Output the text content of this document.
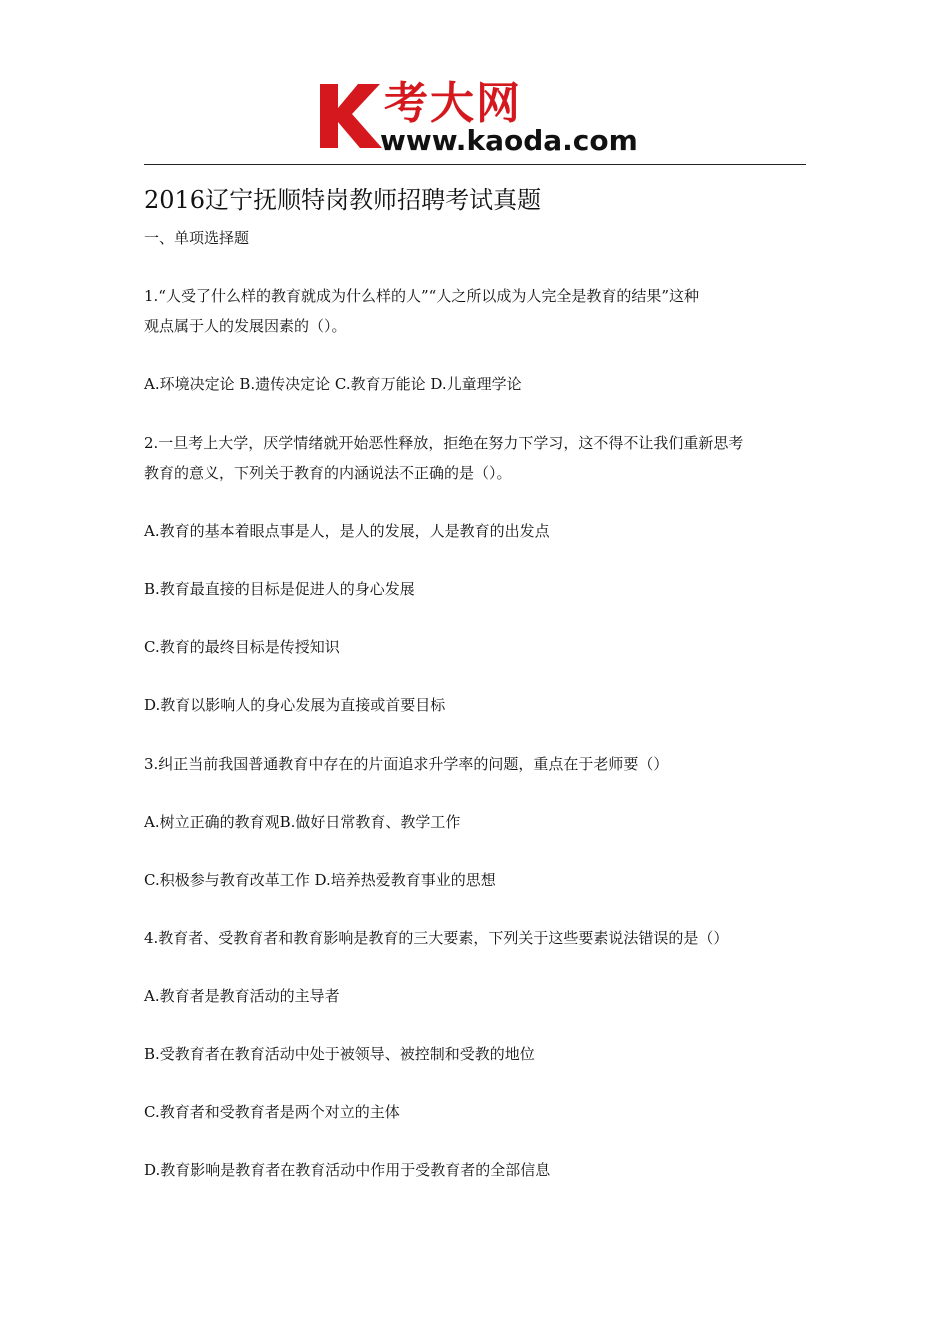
考大网
www.kaoda.com
2016辽宁抚顺特岗教师招聘考试真题
一、单项选择题
1.“人受了什么样的教育就成为什么样的人”“人之所以成为人完全是教育的结果”这种
观点属于人的发展因素的（）。
A.环境决定论 B.遗传决定论 C.教育万能论 D.儿童理学论
2.一旦考上大学，厌学情绪就开始恶性释放，拒绝在努力下学习，这不得不让我们重新思考
教育的意义，下列关于教育的内涵说法不正确的是（）。
A.教育的基本着眼点事是人，是人的发展，人是教育的出发点
B.教育最直接的目标是促进人的身心发展
C.教育的最终目标是传授知识
D.教育以影响人的身心发展为直接或首要目标
3.纠正当前我国普通教育中存在的片面追求升学率的问题，重点在于老师要（）
A.树立正确的教育观B.做好日常教育、教学工作
C.积极参与教育改革工作 D.培养热爱教育事业的思想
4.教育者、受教育者和教育影响是教育的三大要素，下列关于这些要素说法错误的是（）
A.教育者是教育活动的主导者
B.受教育者在教育活动中处于被领导、被控制和受教的地位
C.教育者和受教育者是两个对立的主体
D.教育影响是教育者在教育活动中作用于受教育者的全部信息
